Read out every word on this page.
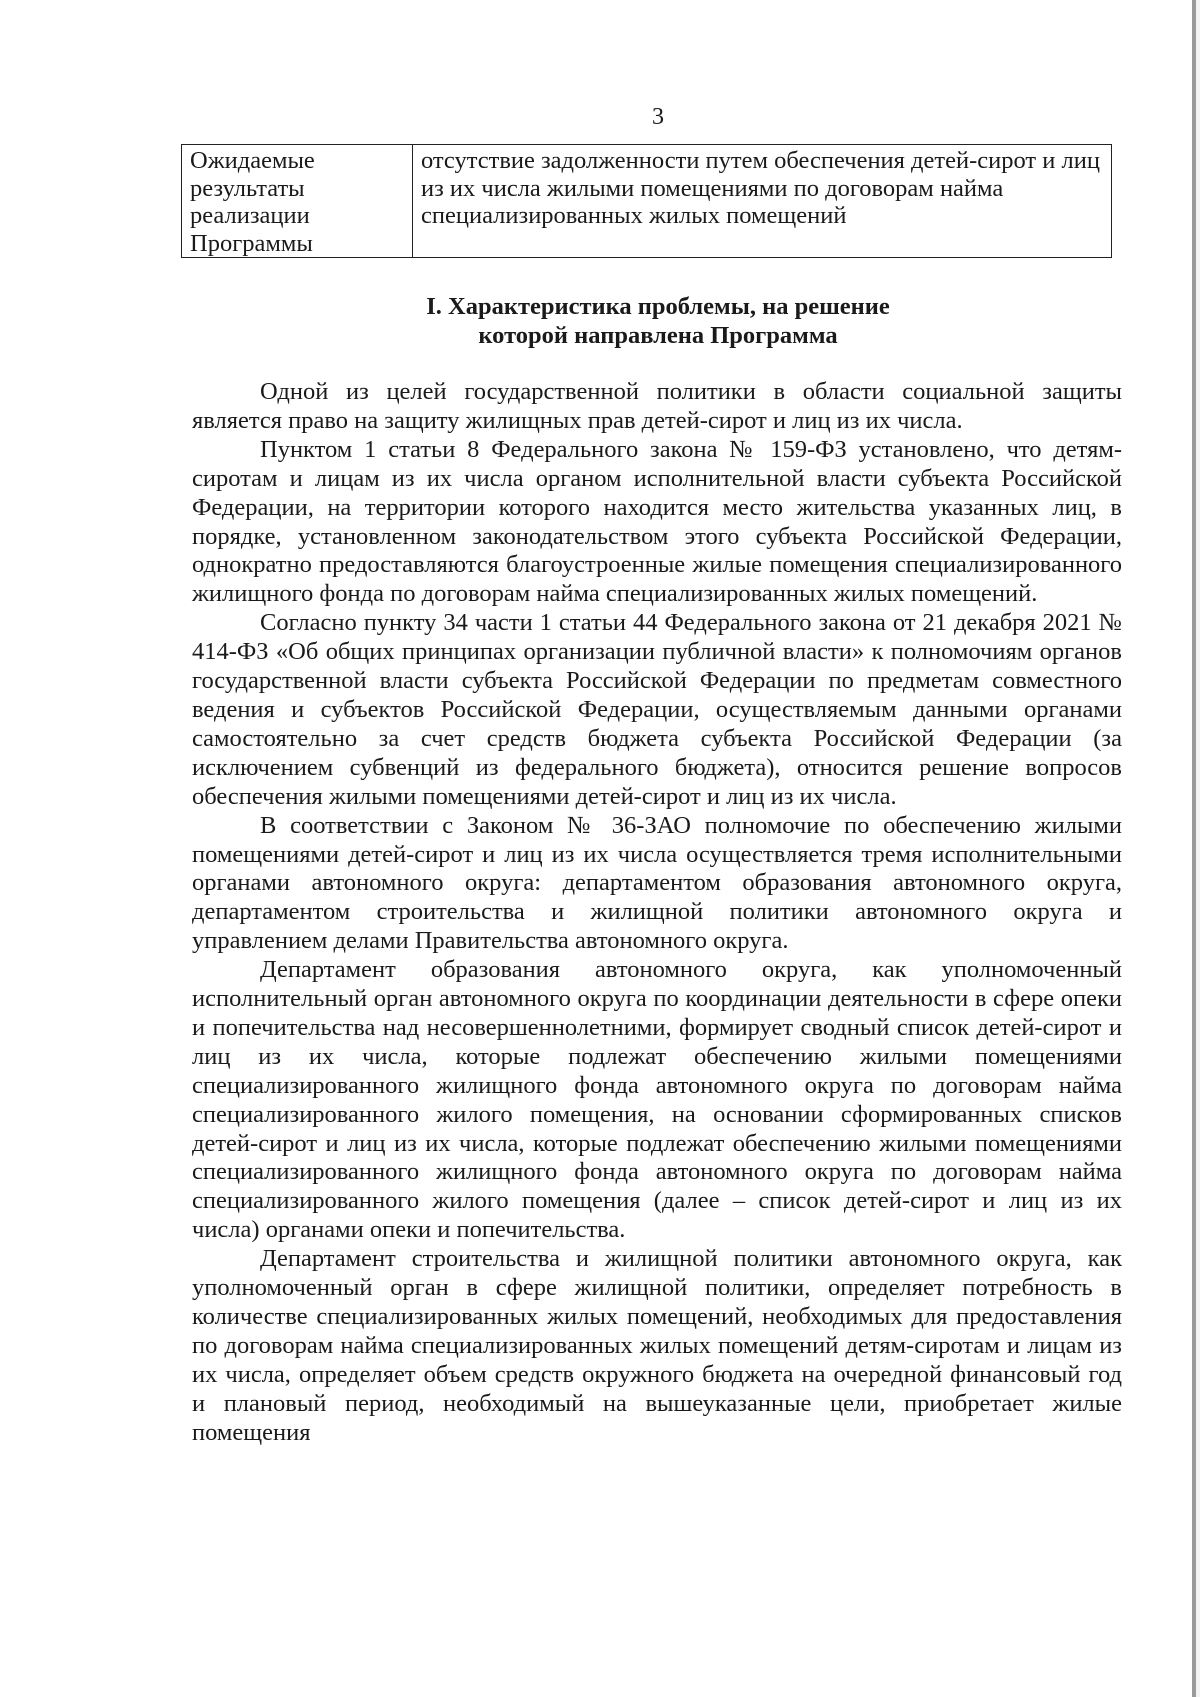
3
Ожидаемые результаты реализации Программы	отсутствие задолженности путем обеспечения детей-сирот и лиц из их числа жилыми помещениями по договорам найма специализированных жилых помещений
I. Характеристика проблемы, на решение
которой направлена Программа

Одной из целей государственной политики в области социальной защиты является право на защиту жилищных прав детей-сирот и лиц из их числа.

Пунктом 1 статьи 8 Федерального закона № 159-ФЗ установлено, что детям-сиротам и лицам из их числа органом исполнительной власти субъекта Российской Федерации, на территории которого находится место жительства указанных лиц, в порядке, установленном законодательством этого субъекта Российской Федерации, однократно предоставляются благоустроенные жилые помещения специализированного жилищного фонда по договорам найма специализированных жилых помещений.

Согласно пункту 34 части 1 статьи 44 Федерального закона от 21 декабря 2021 № 414-ФЗ «Об общих принципах организации публичной власти» к полномочиям органов государственной власти субъекта Российской Федерации по предметам совместного ведения и субъектов Российской Федерации, осуществляемым данными органами самостоятельно за счет средств бюджета субъекта Российской Федерации (за исключением субвенций из федерального бюджета), относится решение вопросов обеспечения жилыми помещениями детей-сирот и лиц из их числа.

В соответствии с Законом № 36-ЗАО полномочие по обеспечению жилыми помещениями детей-сирот и лиц из их числа осуществляется тремя исполнительными органами автономного округа: департаментом образования автономного округа, департаментом строительства и жилищной политики автономного округа и управлением делами Правительства автономного округа.

Департамент образования автономного округа, как уполномоченный исполнительный орган автономного округа по координации деятельности в сфере опеки и попечительства над несовершеннолетними, формирует сводный список детей-сирот и лиц из их числа, которые подлежат обеспечению жилыми помещениями специализированного жилищного фонда автономного округа по договорам найма специализированного жилого помещения, на основании сформированных списков детей-сирот и лиц из их числа, которые подлежат обеспечению жилыми помещениями специализированного жилищного фонда автономного округа по договорам найма специализированного жилого помещения (далее – список детей-сирот и лиц из их числа) органами опеки и попечительства.

Департамент строительства и жилищной политики автономного округа, как уполномоченный орган в сфере жилищной политики, определяет потребность в количестве специализированных жилых помещений, необходимых для предоставления по договорам найма специализированных жилых помещений детям-сиротам и лицам из их числа, определяет объем средств окружного бюджета на очередной финансовый год и плановый период, необходимый на вышеуказанные цели, приобретает жилые помещения
